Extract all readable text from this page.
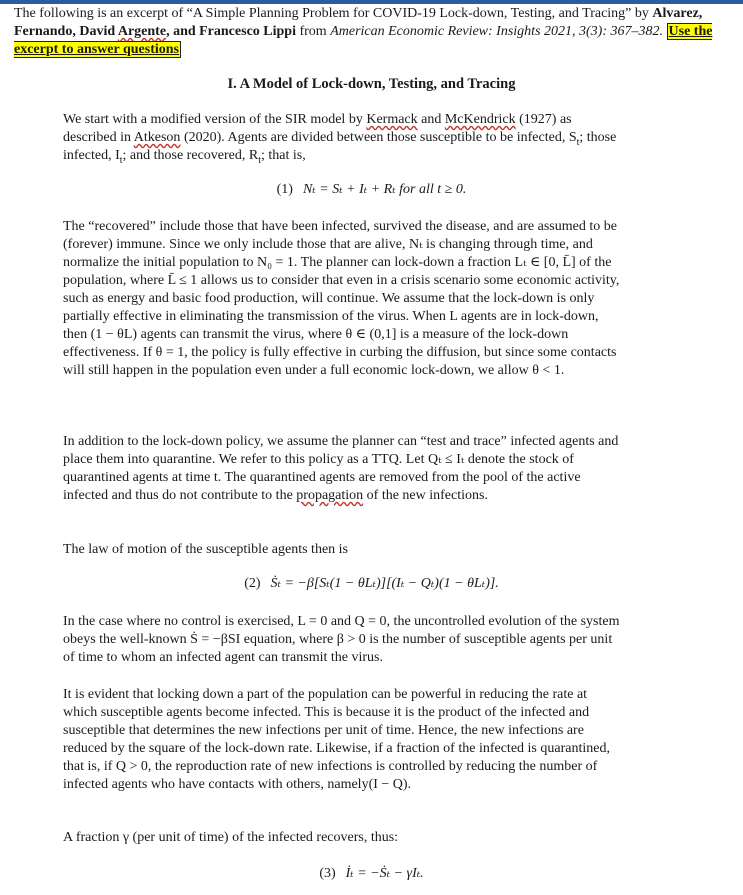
The following is an excerpt of “A Simple Planning Problem for COVID-19 Lock-down, Testing, and Tracing” by Alvarez, Fernando, David Argente, and Francesco Lippi from American Economic Review: Insights 2021, 3(3): 367–382. Use the excerpt to answer questions
I. A Model of Lock-down, Testing, and Tracing
We start with a modified version of the SIR model by Kermack and McKendrick (1927) as described in Atkeson (2020). Agents are divided between those susceptible to be infected, $S_t$; those infected, $I_t$; and those recovered, $R_t$; that is,
(1) Nₜ = Sₜ + Iₜ + Rₜ for all t ≥ 0.
The “recovered” include those that have been infected, survived the disease, and are assumed to be (forever) immune. Since we only include those that are alive, Nₜ is changing through time, and normalize the initial population to N₀ = 1. The planner can lock-down a fraction Lₜ ∈ [0, L̄] of the population, where L̄ ≤ 1 allows us to consider that even in a crisis scenario some economic activity, such as energy and basic food production, will continue. We assume that the lock-down is only partially effective in eliminating the transmission of the virus. When L agents are in lock-down, then (1 − θL) agents can transmit the virus, where θ ∈ (0,1] is a measure of the lock-down effectiveness. If θ = 1, the policy is fully effective in curbing the diffusion, but since some contacts will still happen in the population even under a full economic lock-down, we allow θ < 1.
In addition to the lock-down policy, we assume the planner can “test and trace” infected agents and place them into quarantine. We refer to this policy as a TTQ. Let Qₜ ≤ Iₜ denote the stock of quarantined agents at time t. The quarantined agents are removed from the pool of the active infected and thus do not contribute to the propagation of the new infections.
The law of motion of the susceptible agents then is
(2) Ṡₜ = −β[Sₜ(1 − θLₜ)][(Iₜ − Qₜ)(1 − θLₜ)].
In the case where no control is exercised, L = 0 and Q = 0, the uncontrolled evolution of the system obeys the well-known Ṡ = −βSI equation, where β > 0 is the number of susceptible agents per unit of time to whom an infected agent can transmit the virus.
It is evident that locking down a part of the population can be powerful in reducing the rate at which susceptible agents become infected. This is because it is the product of the infected and susceptible that determines the new infections per unit of time. Hence, the new infections are reduced by the square of the lock-down rate. Likewise, if a fraction of the infected is quarantined, that is, if Q > 0, the reproduction rate of new infections is controlled by reducing the number of infected agents who have contacts with others, namely(I − Q).
A fraction γ (per unit of time) of the infected recovers, thus:
(3) İₜ = −Ṡₜ − γIₜ.
